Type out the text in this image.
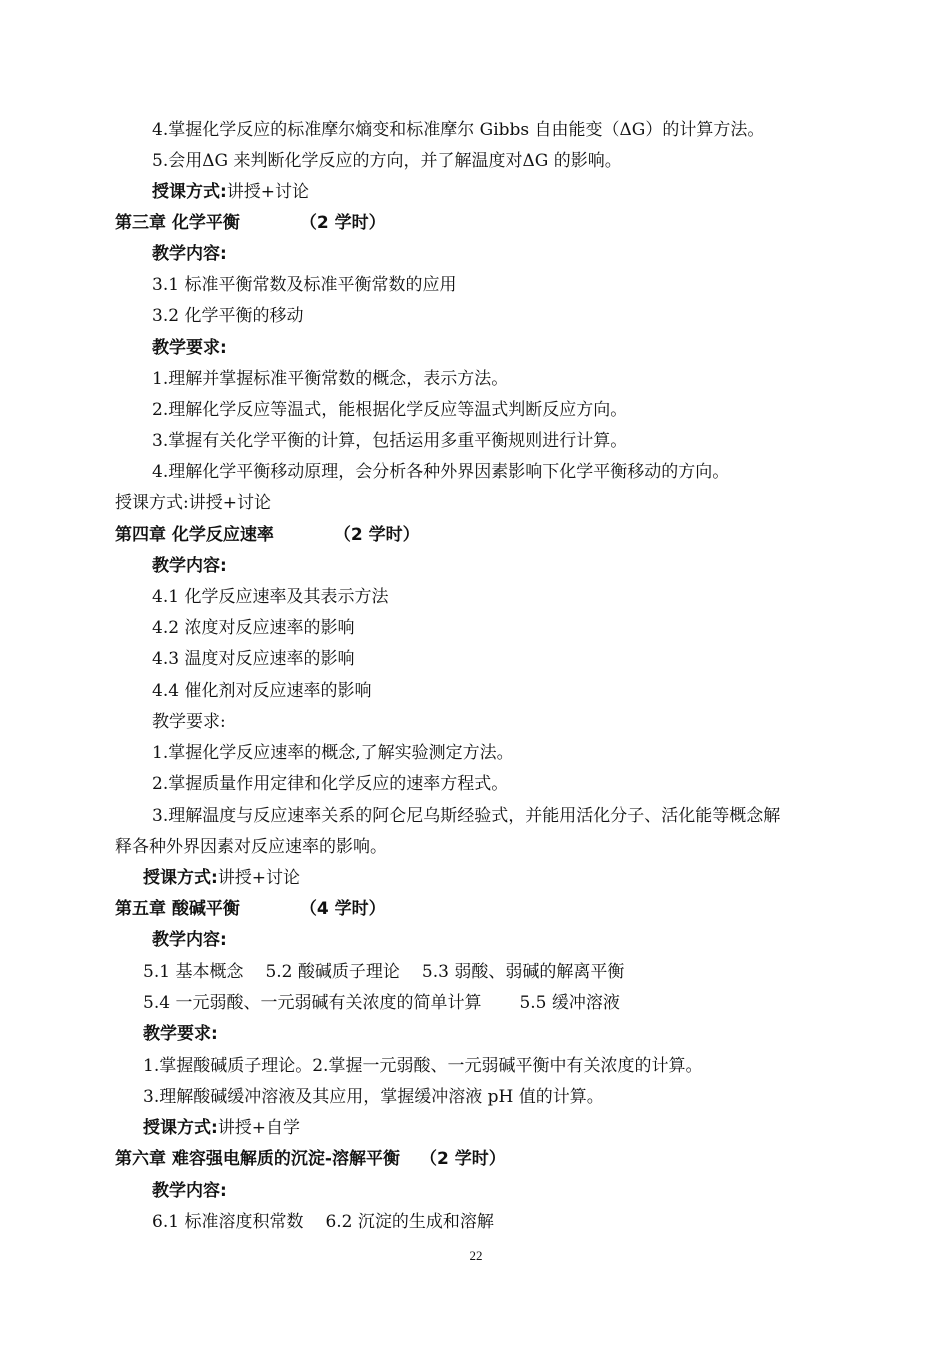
4.掌握化学反应的标准摩尔熵变和标准摩尔 Gibbs 自由能变（ΔG）的计算方法。
5.会用ΔG 来判断化学反应的方向，并了解温度对ΔG 的影响。
授课方式:讲授+讨论
第三章 化学平衡	（2 学时）
教学内容:
3.1 标准平衡常数及标准平衡常数的应用
3.2 化学平衡的移动
教学要求:
1.理解并掌握标准平衡常数的概念，表示方法。
2.理解化学反应等温式，能根据化学反应等温式判断反应方向。
3.掌握有关化学平衡的计算，包括运用多重平衡规则进行计算。
4.理解化学平衡移动原理，会分析各种外界因素影响下化学平衡移动的方向。
授课方式:讲授+讨论
第四章 化学反应速率	（2 学时）
教学内容:
4.1 化学反应速率及其表示方法
4.2 浓度对反应速率的影响
4.3 温度对反应速率的影响
4.4 催化剂对反应速率的影响
教学要求:
1.掌握化学反应速率的概念,了解实验测定方法。
2.掌握质量作用定律和化学反应的速率方程式。
3.理解温度与反应速率关系的阿仑尼乌斯经验式，并能用活化分子、活化能等概念解
释各种外界因素对反应速率的影响。
授课方式:讲授+讨论
第五章 酸碱平衡	（4 学时）
教学内容:
5.1 基本概念 5.2 酸碱质子理论 5.3 弱酸、弱碱的解离平衡
5.4 一元弱酸、一元弱碱有关浓度的简单计算 5.5 缓冲溶液
教学要求:
1.掌握酸碱质子理论。2.掌握一元弱酸、一元弱碱平衡中有关浓度的计算。
3.理解酸碱缓冲溶液及其应用，掌握缓冲溶液 pH 值的计算。
授课方式:讲授+自学
第六章 难容强电解质的沉淀-溶解平衡 （2 学时）
教学内容:
6.1 标准溶度积常数 6.2 沉淀的生成和溶解
22
